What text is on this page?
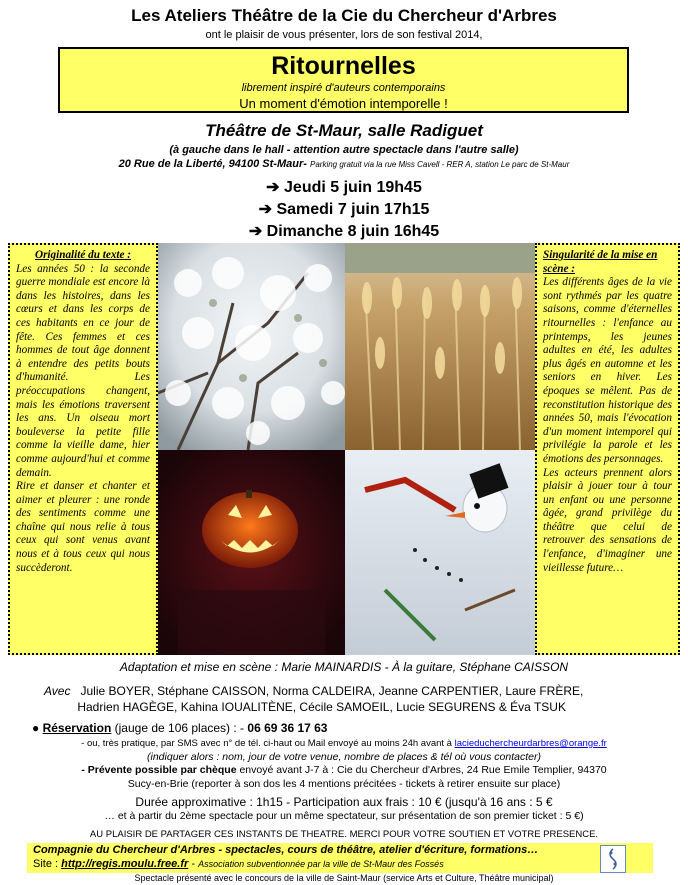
Les Ateliers Théâtre de la Cie du Chercheur d'Arbres
ont le plaisir de vous présenter, lors de son festival 2014,
Ritournelles
librement inspiré d'auteurs contemporains
Un moment d'émotion intemporelle !
Théâtre de St-Maur, salle Radiguet
(à gauche dans le hall - attention autre spectacle dans l'autre salle)
20 Rue de la Liberté, 94100 St-Maur- Parking gratuit via la rue Miss Cavell - RER A, station Le parc de St-Maur
➔ Jeudi 5 juin 19h45
➔ Samedi 7 juin 17h15
➔ Dimanche 8 juin 16h45
Originalité du texte :

Les années 50 : la seconde guerre mondiale est encore là dans les histoires, dans les cœurs et dans les corps de ces habitants en ce jour de fête. Ces femmes et ces hommes de tout âge donnent à entendre des petits bouts d'humanité. Les préoccupations changent, mais les émotions traversent les ans. Un oiseau mort bouleverse la petite fille comme la vieille dame, hier comme aujourd'hui et comme demain.

Rire et danser et chanter et aimer et pleurer : une ronde des sentiments comme une chaîne qui nous relie à tous ceux qui sont venus avant nous et à tous ceux qui nous succèderont.

Singularité de la mise en scène :

Les différents âges de la vie sont rythmés par les quatre saisons, comme d'éternelles ritournelles : l'enfance au printemps, les jeunes adultes en été, les adultes plus âgés en automne et les seniors en hiver. Les époques se mêlent. Pas de reconstitution historique des années 50, mais l'évocation d'un moment intemporel qui privilégie la parole et les émotions des personnages.

Les acteurs prennent alors plaisir à jouer tour à tour un enfant ou une personne âgée, grand privilège du théâtre que celui de retrouver des sensations de l'enfance, d'imaginer une vieillesse future…

Adaptation et mise en scène : Marie MAINARDIS - À la guitare, Stéphane CAISSON
Avec Julie BOYER, Stéphane CAISSON, Norma CALDEIRA, Jeanne CARPENTIER, Laure FRÈRE,
Hadrien HAGÈGE, Kahina IOUALITÈNE, Cécile SAMOEIL, Lucie SEGURENS & Éva TSUK
● Réservation (jauge de 106 places) : - 06 69 36 17 63
- ou, très pratique, par SMS avec n° de tél. ci-haut ou Mail envoyé au moins 24h avant à lacieduchercheurdarbres@orange.fr
(indiquer alors : nom, jour de votre venue, nombre de places & tél où vous contacter)
- Prévente possible par chèque envoyé avant J-7 à : Cie du Chercheur d'Arbres, 24 Rue Emile Templier, 94370
Sucy-en-Brie (reporter à son dos les 4 mentions précitées - tickets à retirer ensuite sur place)
Durée approximative : 1h15 - Participation aux frais : 10 € (jusqu'à 16 ans : 5 €
… et à partir du 2ème spectacle pour un même spectateur, sur présentation de son premier ticket : 5 €)
AU PLAISIR DE PARTAGER CES INSTANTS DE THEATRE. MERCI POUR VOTRE SOUTIEN ET VOTRE PRESENCE.
Compagnie du Chercheur d'Arbres - spectacles, cours de théâtre, atelier d'écriture, formations…
Site : http://regis.moulu.free.fr - Association subventionnée par la ville de St-Maur des Fossés
Spectacle présenté avec le concours de la ville de Saint-Maur (service Arts et Culture, Théâtre municipal)
